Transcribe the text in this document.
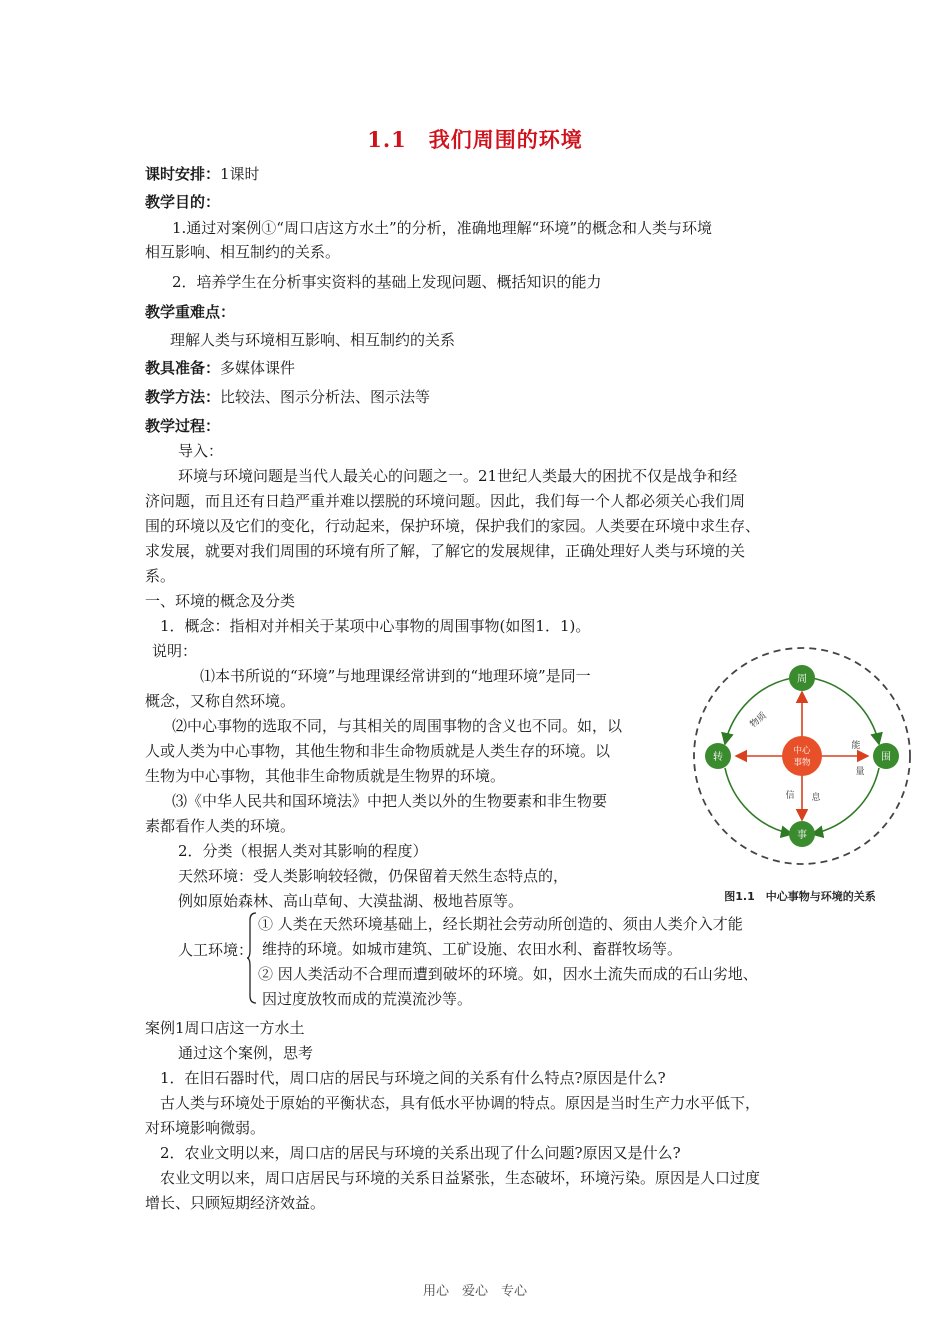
1.1　我们周围的环境
课时安排：1课时
教学目的：
1.通过对案例①“周口店这方水土”的分析，准确地理解“环境”的概念和人类与环境
相互影响、相互制约的关系。
2．培养学生在分析事实资料的基础上发现问题、概括知识的能力
教学重难点：
理解人类与环境相互影响、相互制约的关系
教具准备：多媒体课件
教学方法：比较法、图示分析法、图示法等
教学过程：
导入：
环境与环境问题是当代人最关心的问题之一。21世纪人类最大的困扰不仅是战争和经
济问题，而且还有日趋严重并难以摆脱的环境问题。因此，我们每一个人都必须关心我们周
围的环境以及它们的变化，行动起来，保护环境，保护我们的家园。人类要在环境中求生存、
求发展，就要对我们周围的环境有所了解，了解它的发展规律，正确处理好人类与环境的关
系。
一、环境的概念及分类
1．概念：指相对并相关于某项中心事物的周围事物(如图1．1)。
说明：
⑴本书所说的“环境”与地理课经常讲到的“地理环境”是同一
概念，又称自然环境。
⑵中心事物的选取不同，与其相关的周围事物的含义也不同。如，以
人或人类为中心事物，其他生物和非生命物质就是人类生存的环境。以
生物为中心事物，其他非生命物质就是生物界的环境。
⑶《中华人民共和国环境法》中把人类以外的生物要素和非生物要
素都看作人类的环境。
2．分类（根据人类对其影响的程度）
天然环境：受人类影响较轻微，仍保留着天然生态特点的，
例如原始森林、高山草甸、大漠盐湖、极地苔原等。
人工环境：
① 人类在天然环境基础上，经长期社会劳动所创造的、须由人类介入才能
维持的环境。如城市建筑、工矿设施、农田水利、畜群牧场等。
② 因人类活动不合理而遭到破坏的环境。如，因水土流失而成的石山劣地、
因过度放牧而成的荒漠流沙等。
中心
事物
周
转	围
事
物质
能
量
信 息
图1.1　中心事物与环境的关系
案例1周口店这一方水土
通过这个案例，思考
1．在旧石器时代，周口店的居民与环境之间的关系有什么特点?原因是什么?
古人类与环境处于原始的平衡状态，具有低水平协调的特点。原因是当时生产力水平低下，
对环境影响微弱。
2．农业文明以来，周口店的居民与环境的关系出现了什么问题?原因又是什么?
农业文明以来，周口店居民与环境的关系日益紧张，生态破坏，环境污染。原因是人口过度
增长、只顾短期经济效益。
用心　爱心　专心
